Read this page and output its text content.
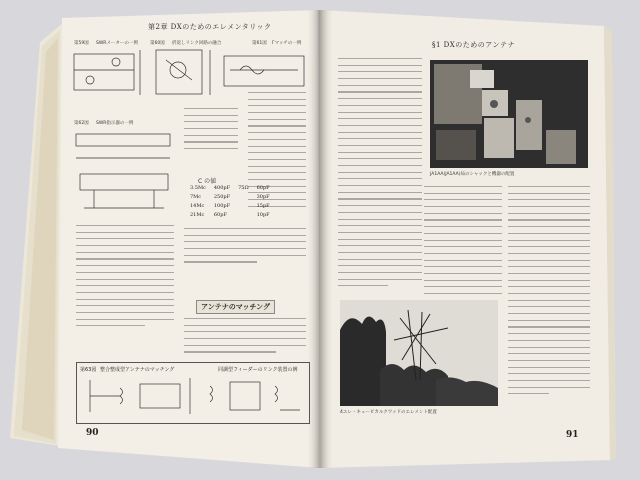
第2章 DXのためのエレメンタリック
第59図 SWRメーターの一例	第60図 折返しリンク回路の融合	第61図 Γマッチの一例
第62図 SWR指示器の一例
C の値
3.5Mc	400pF	75Ω	60pF
7Mc	250pF		30pF
14Mc	100pF		15pF
21Mc	60pF		10pF
アンテナのマッチング
第63図 整合整成型アンテナのマッチング	同調型フィーダーのリンク装置の例
90
§1 DXのためのアンテナ
JA1AA(JA1AA)局のシャックと機器の配置
4エレ・キュービカルクワッドのエレメント配置
91
